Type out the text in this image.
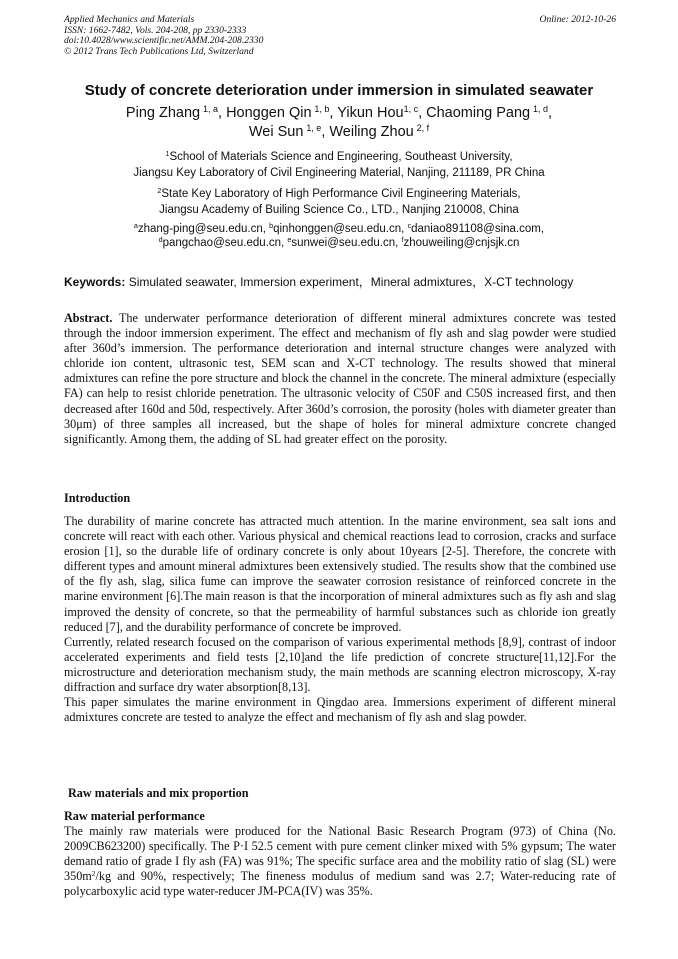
Applied Mechanics and Materials
ISSN: 1662-7482, Vols. 204-208, pp 2330-2333
doi:10.4028/www.scientific.net/AMM.204-208.2330
© 2012 Trans Tech Publications Ltd, Switzerland
Online: 2012-10-26
Study of concrete deterioration under immersion in simulated seawater
Ping Zhang  $^{1, a}$, Honggen Qin  $^{1, b}$, Yikun Hou$^{1, c}$, Chaoming Pang  $^{1, d}$,
Wei Sun  $^{1, e}$, Weiling Zhou  $^{2, f}$
$^1$School of Materials Science and Engineering, Southeast University,
Jiangsu Key Laboratory of Civil Engineering Material, Nanjing, 211189, PR China
$^2$State Key Laboratory of High Performance Civil Engineering Materials,
Jiangsu Academy of Builing Science Co., LTD., Nanjing 210008, China
$^a$zhang-ping@seu.edu.cn, $^b$qinhonggen@seu.edu.cn, $^c$daniao891108@sina.com,
$^d$pangchao@seu.edu.cn, $^e$sunwei@seu.edu.cn, $^f$zhouweiling@cnjsjk.cn
Keywords: Simulated seawater, Immersion experiment，Mineral admixtures，X-CT technology

Abstract. The underwater performance deterioration of different mineral admixtures concrete was tested through the indoor immersion experiment. The effect and mechanism of fly ash and slag powder were studied after 360d’s immersion. The performance deterioration and internal structure changes were analyzed with chloride ion content, ultrasonic test, SEM scan and X-CT technology. The results showed that mineral admixtures can refine the pore structure and block the channel in the concrete. The mineral admixture (especially FA) can help to resist chloride penetration. The ultrasonic velocity of C50F and C50S increased first, and then decreased after 160d and 50d, respectively. After 360d’s corrosion, the porosity (holes with diameter greater than 30μm) of three samples all increased, but the shape of holes for mineral admixture concrete changed significantly. Among them, the adding of SL had greater effect on the porosity.

Introduction

The durability of marine concrete has attracted much attention. In the marine environment, sea salt ions and concrete will react with each other. Various physical and chemical reactions lead to corrosion, cracks and surface erosion [1], so the durable life of ordinary concrete is only about 10years [2-5]. Therefore, the concrete with different types and amount mineral admixtures been extensively studied. The results show that the combined use of the fly ash, slag, silica fume can improve the seawater corrosion resistance of reinforced concrete in the marine environment [6].The main reason is that the incorporation of mineral admixtures such as fly ash and slag improved the density of concrete, so that the permeability of harmful substances such as chloride ion greatly reduced [7], and the durability performance of concrete be improved.

Currently, related research focused on the comparison of various experimental methods [8,9], contrast of indoor accelerated experiments and field tests [2,10]and the life prediction of concrete structure[11,12].For the microstructure and deterioration mechanism study, the main methods are scanning electron microscopy, X-ray diffraction and surface dry water absorption[8,13].

This paper simulates the marine environment in Qingdao area. Immersions experiment of different mineral admixtures concrete are tested to analyze the effect and mechanism of fly ash and slag powder.

Raw materials and mix proportion
Raw material performance

The mainly raw materials were produced for the National Basic Research Program (973) of China (No. 2009CB623200) specifically. The P·I 52.5 cement with pure cement clinker mixed with 5% gypsum; The water demand ratio of grade I fly ash (FA) was 91%; The specific surface area and the mobility ratio of slag (SL) were $350m^2/kg$ and 90%, respectively; The fineness modulus of medium sand was 2.7; Water-reducing rate of polycarboxylic acid type water-reducer JM-PCA(IV) was 35%.
